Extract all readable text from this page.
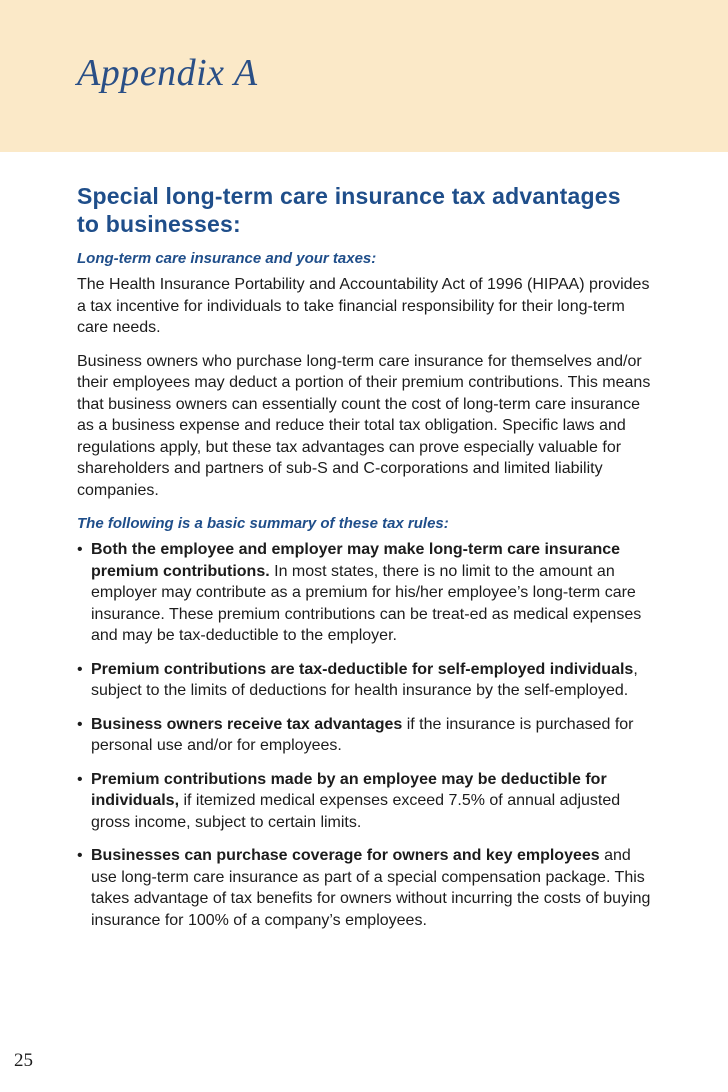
Appendix A
Special long-term care insurance tax advantages
to businesses:

Long-term care insurance and your taxes:

The Health Insurance Portability and Accountability Act of 1996 (HIPAA) provides a tax incentive for individuals to take financial responsibility for their long-term care needs.

Business owners who purchase long-term care insurance for themselves and/or their employees may deduct a portion of their premium contributions. This means that business owners can essentially count the cost of long-term care insurance as a business expense and reduce their total tax obligation. Specific laws and regulations apply, but these tax advantages can prove especially valuable for shareholders and partners of sub-S and C-corporations and limited liability companies.

The following is a basic summary of these tax rules:

• Both the employee and employer may make long-term care insurance premium contributions. In most states, there is no limit to the amount an employer may contribute as a premium for his/her employee’s long-term care insurance. These premium contributions can be treat-ed as medical expenses and may be tax-deductible to the employer.
• Premium contributions are tax-deductible for self-employed individuals, subject to the limits of deductions for health insurance by the self-employed.
• Business owners receive tax advantages if the insurance is purchased for personal use and/or for employees.
• Premium contributions made by an employee may be deductible for individuals, if itemized medical expenses exceed 7.5% of annual adjusted gross income, subject to certain limits.
• Businesses can purchase coverage for owners and key employees and use long-term care insurance as part of a special compensation package. This takes advantage of tax benefits for owners without incurring the costs of buying insurance for 100% of a company’s employees.
25
